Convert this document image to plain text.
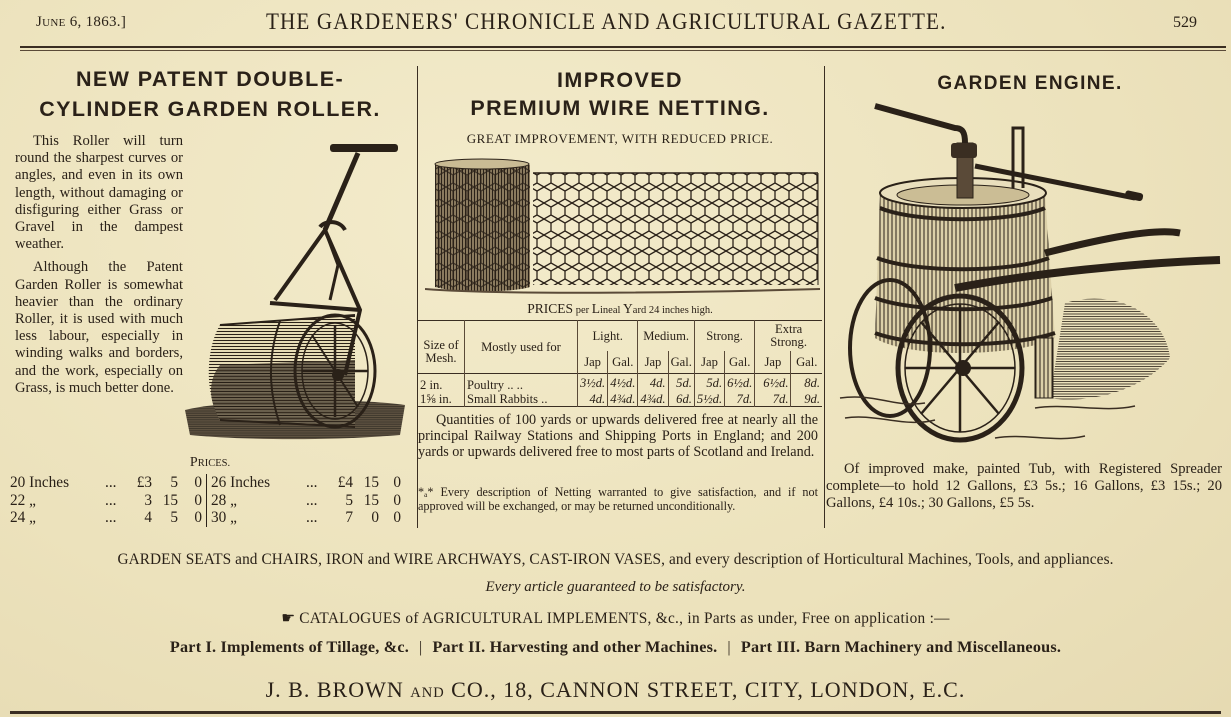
JUNE 6, 1863.]	THE GARDENERS' CHRONICLE AND AGRICULTURAL GAZETTE.	529
NEW PATENT DOUBLE-
CYLINDER GARDEN ROLLER.

This Roller will turn round the sharpest curves or angles, and even in its own length, without damaging or disfiguring either Grass or Gravel in the dampest weather.

Although the Patent Garden Roller is somewhat heavier than the ordinary Roller, it is used with much less labour, especially in winding walks and borders, and the work, especially on Grass, is much better done.

PRICES.
20 Inches	...	£3	5	0	26 Inches	...	£4	15	0
22 „	...	3	15	0	28 „	...	5	15	0
24 „	...	4	5	0	30 „	...	7	0	0
IMPROVED
PREMIUM WIRE NETTING.
GREAT IMPROVEMENT, WITH REDUCED PRICE.
PRICES per Lineal Yard 24 inches high.
Size of Mesh.	Mostly used for	Light.		Medium.		Strong.		Extra Strong.	
		Jap	Gal.	Jap	Gal.	Jap	Gal.	Jap	Gal.
2 in.	Poultry .. ..	3½d.	4½d.	4d.	5d.	5d.	6½d.	6½d.	8d.
1⅝ in.	Small Rabbits ..	4d.	4¾d.	4¾d.	6d.	5½d.	7d.	7d.	9d.

Quantities of 100 yards or upwards delivered free at nearly all the principal Railway Stations and Shipping Ports in England; and 200 yards or upwards delivered free to most parts of Scotland and Ireland.

*ₐ* Every description of Netting warranted to give satisfaction, and if not approved will be exchanged, or may be returned unconditionally.
GARDEN ENGINE.
Of improved make, painted Tub, with Registered Spreader complete—to hold 12 Gallons, £3 5s.; 16 Gallons, £3 15s.; 20 Gallons, £4 10s.; 30 Gallons, £5 5s.
GARDEN SEATS and CHAIRS, IRON and WIRE ARCHWAYS, CAST-IRON VASES, and every description of Horticultural Machines, Tools, and appliances.
Every article guaranteed to be satisfactory.
☛ CATALOGUES of AGRICULTURAL IMPLEMENTS, &c., in Parts as under, Free on application :—
Part I. Implements of Tillage, &c. | Part II. Harvesting and other Machines. | Part III. Barn Machinery and Miscellaneous.
J. B. BROWN AND CO., 18, CANNON STREET, CITY, LONDON, E.C.
